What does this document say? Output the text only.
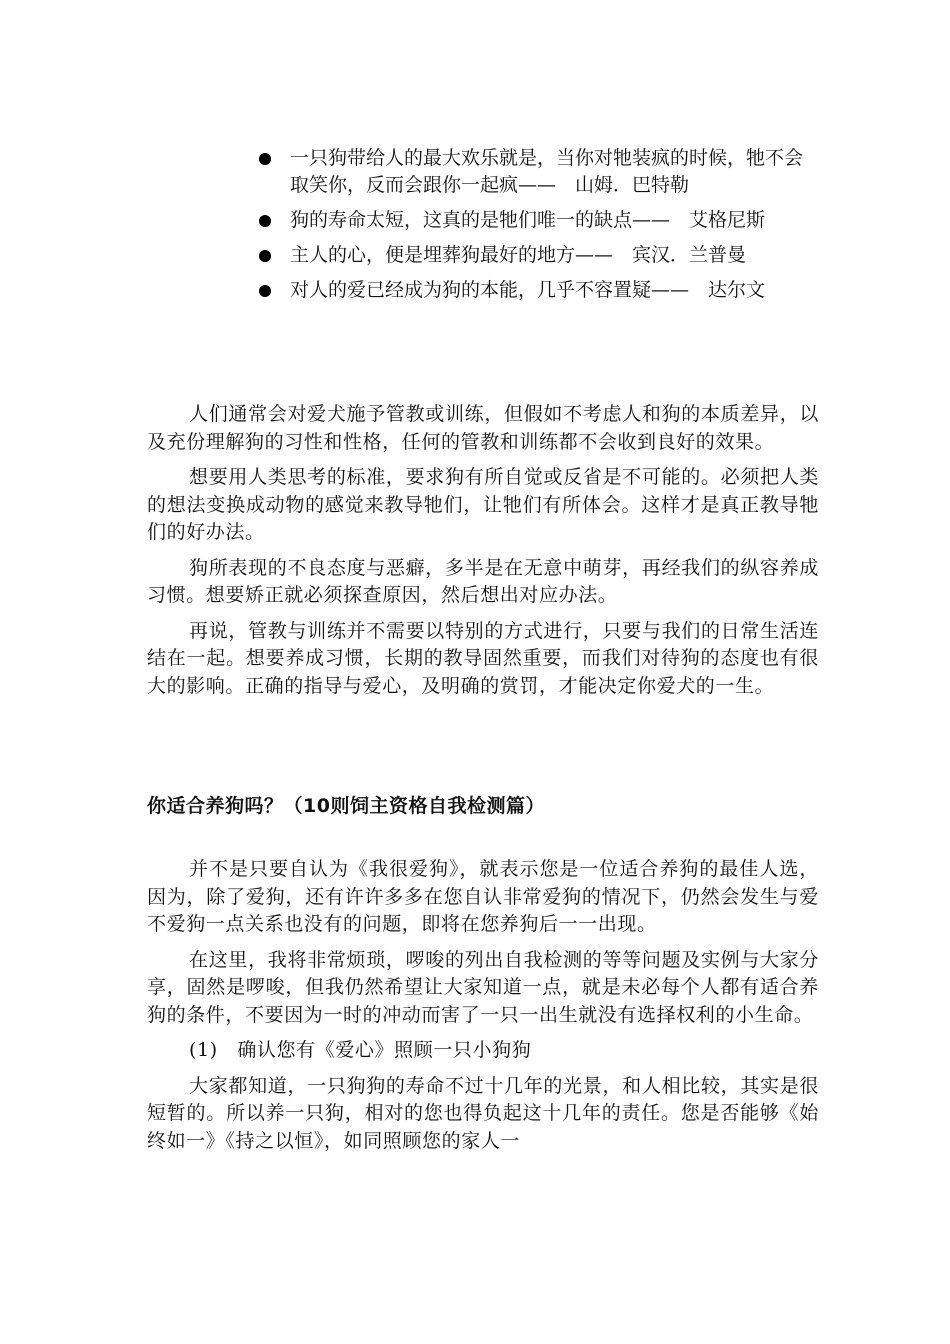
一只狗带给人的最大欢乐就是，当你对牠装疯的时候，牠不会取笑你，反而会跟你一起疯——　山姆．巴特勒
狗的寿命太短，这真的是牠们唯一的缺点——　艾格尼斯
主人的心，便是埋葬狗最好的地方——　宾汉．兰普曼
对人的爱已经成为狗的本能，几乎不容置疑——　达尔文

人们通常会对爱犬施予管教或训练，但假如不考虑人和狗的本质差异，以及充份理解狗的习性和性格，任何的管教和训练都不会收到良好的效果。

想要用人类思考的标准，要求狗有所自觉或反省是不可能的。必须把人类的想法变换成动物的感觉来教导牠们，让牠们有所体会。这样才是真正教导牠们的好办法。

狗所表现的不良态度与恶癖，多半是在无意中萌芽，再经我们的纵容养成习惯。想要矫正就必须探查原因，然后想出对应办法。

再说，管教与训练并不需要以特别的方式进行，只要与我们的日常生活连结在一起。想要养成习惯，长期的教导固然重要，而我们对待狗的态度也有很大的影响。正确的指导与爱心，及明确的赏罚，才能决定你爱犬的一生。

你适合养狗吗？（10则饲主资格自我检测篇）

并不是只要自认为《我很爱狗》，就表示您是一位适合养狗的最佳人选，因为，除了爱狗，还有许许多多在您自认非常爱狗的情况下，仍然会发生与爱不爱狗一点关系也没有的问题，即将在您养狗后一一出现。

在这里，我将非常烦琐，啰唆的列出自我检测的等等问题及实例与大家分享，固然是啰唆，但我仍然希望让大家知道一点，就是未必每个人都有适合养狗的条件，不要因为一时的冲动而害了一只一出生就没有选择权利的小生命。

(1)　确认您有《爱心》照顾一只小狗狗

大家都知道，一只狗狗的寿命不过十几年的光景，和人相比较，其实是很短暂的。所以养一只狗，相对的您也得负起这十几年的责任。您是否能够《始终如一》《持之以恒》，如同照顾您的家人一
